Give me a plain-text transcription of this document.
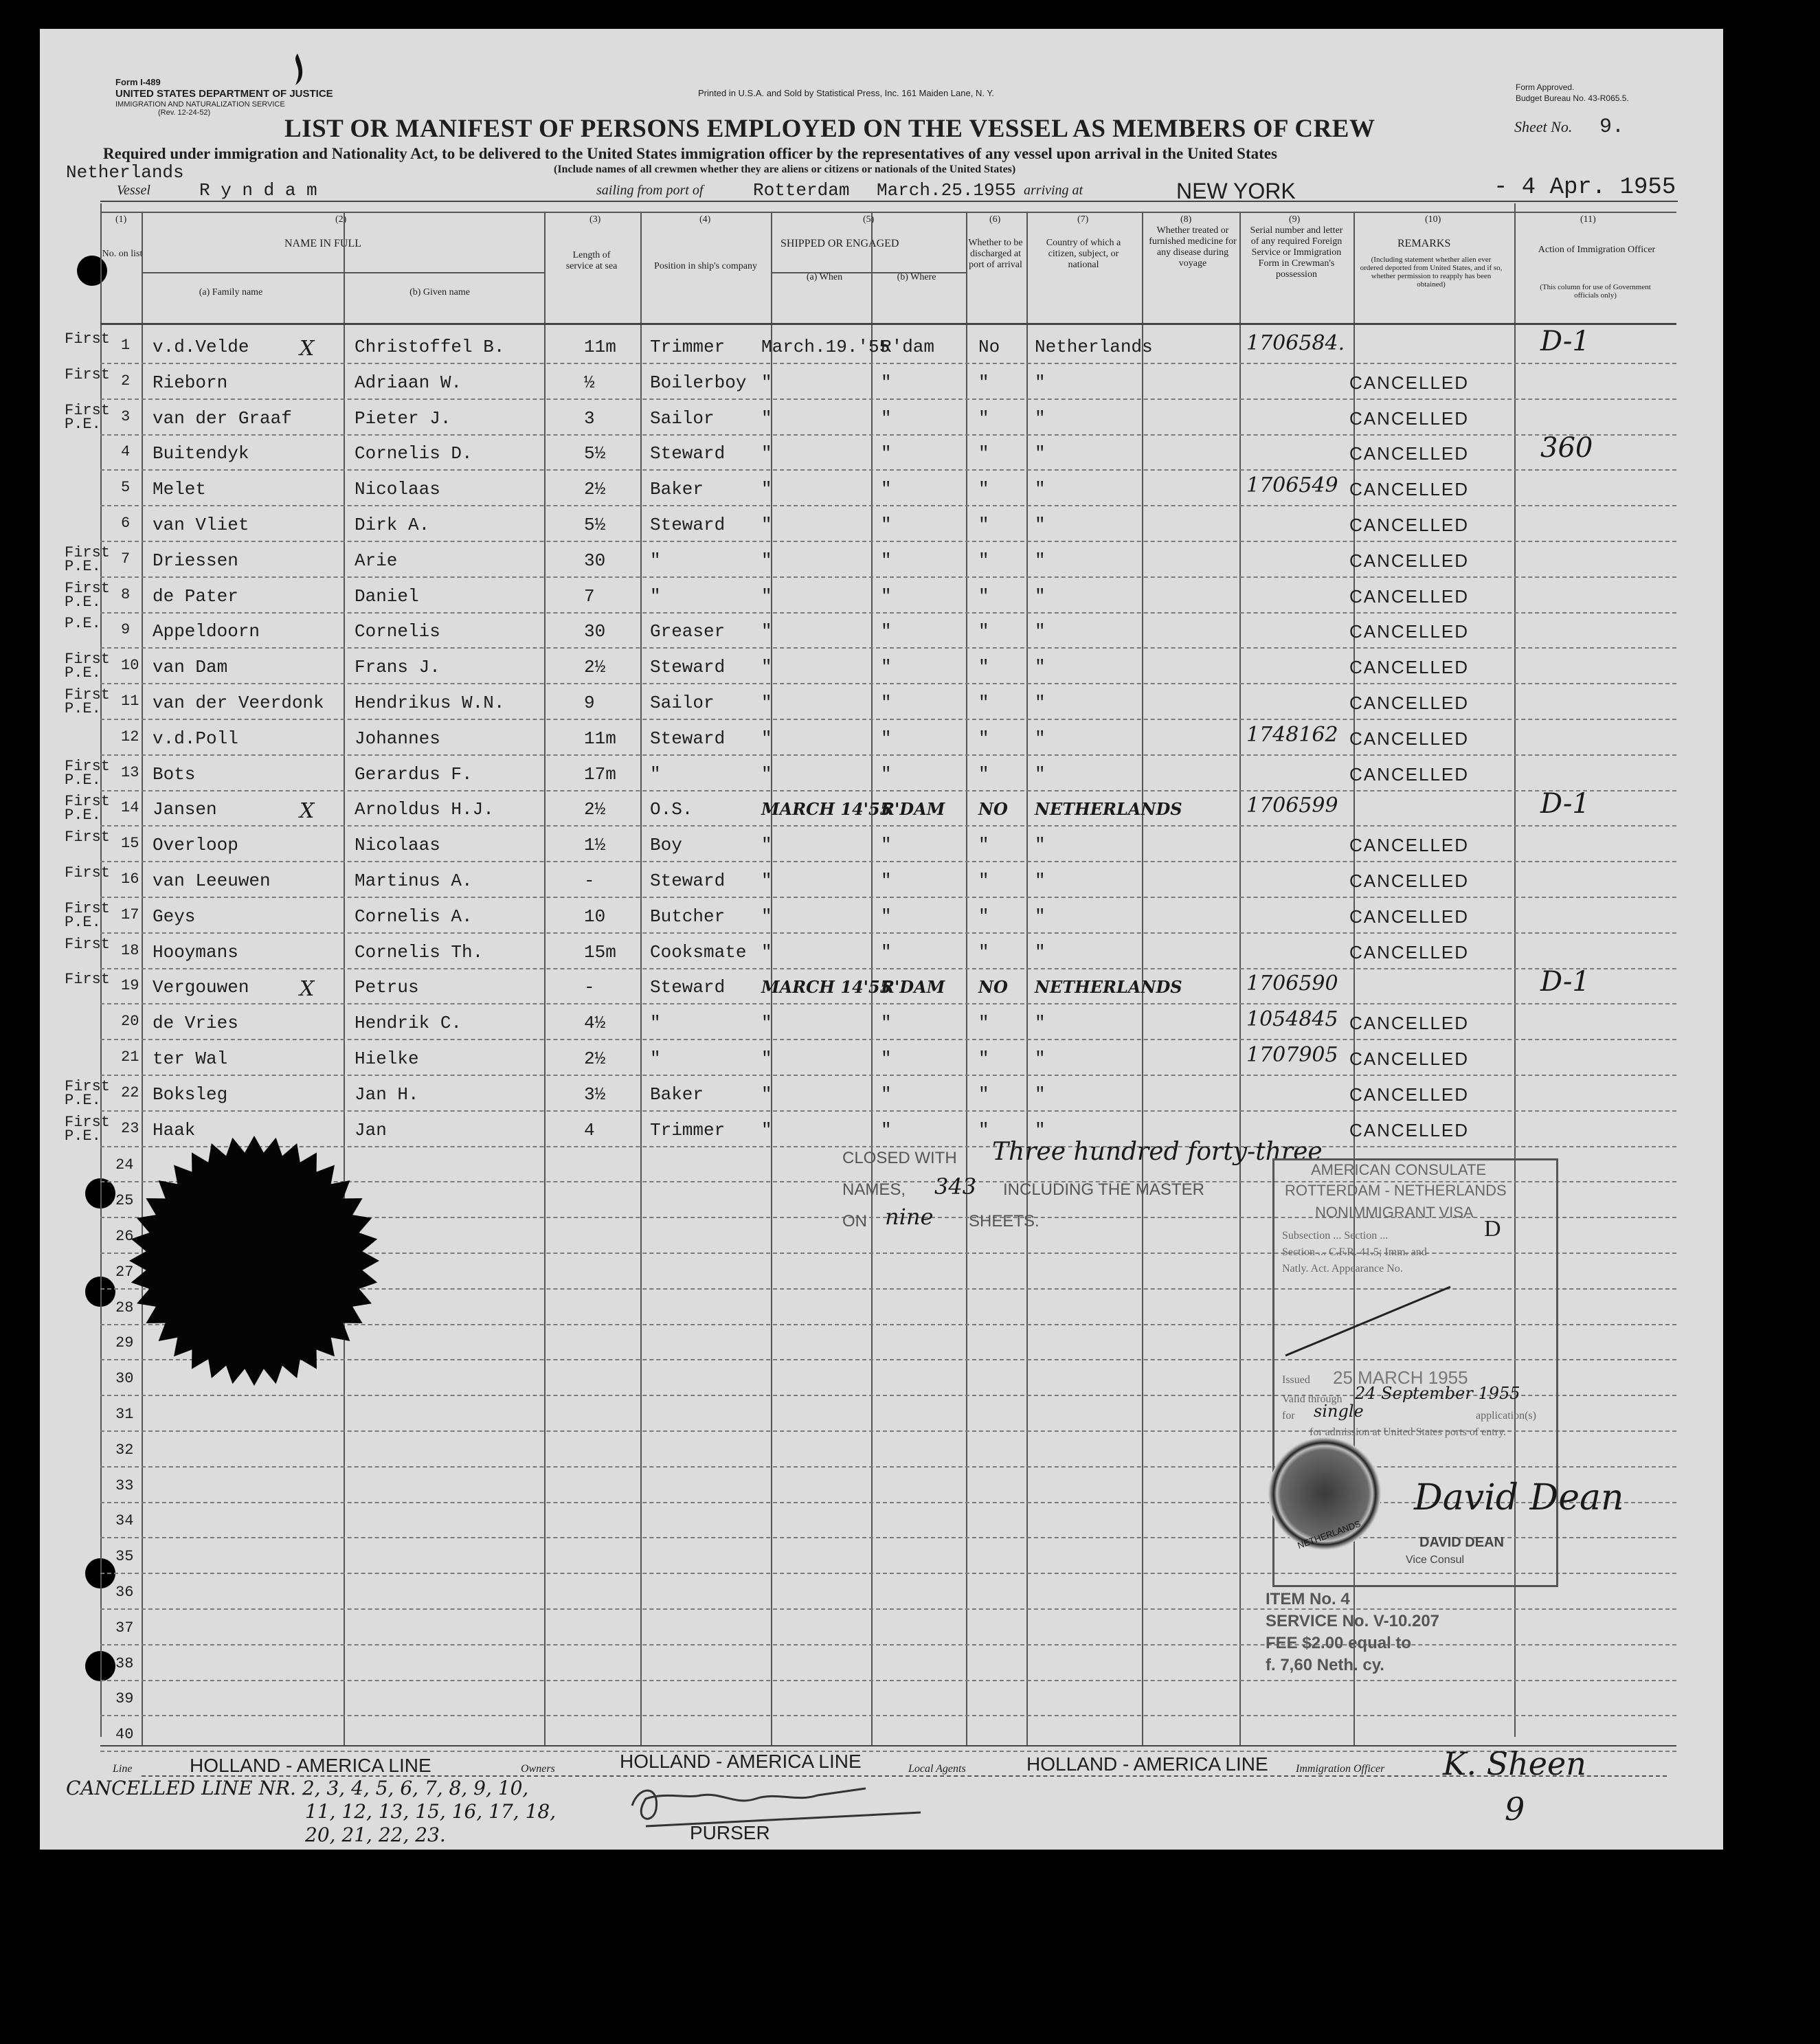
Form I-489
UNITED STATES DEPARTMENT OF JUSTICE
IMMIGRATION AND NATURALIZATION SERVICE
(Rev. 12-24-52)
Printed in U.S.A. and Sold by Statistical Press, Inc. 161 Maiden Lane, N. Y.
Form Approved.
Budget Bureau No. 43-R065.5.
LIST OR MANIFEST OF PERSONS EMPLOYED ON THE VESSEL AS MEMBERS OF CREW	Sheet No. 9.
Required under immigration and Nationality Act, to be delivered to the United States immigration officer by the representatives of any vessel upon arrival in the United States
(Include names of all crewmen whether they are aliens or citizens or nationals of the United States)
Netherlands
Vessel	R y n d a m	sailing from port of	Rotterdam March.25.1955 arriving at	NEW YORK	- 4 Apr. 1955
(1)
No. on list
(2)
NAME IN FULL
(a) Family name	(b) Given name
(3)
Length of service at sea
(4)
Position in ship's company
(5)
SHIPPED OR ENGAGED
(a) When	(b) Where
(6)
Whether to be discharged at port of arrival
(7)
Country of which a citizen, subject, or national
(8)
Whether treated or furnished medicine for any disease during voyage
(9)
Serial number and letter of any required Foreign Service or Immigration Form in Crewman's possession
(10)
REMARKS
(Including statement whether alien ever ordered deported from United States, and if so, whether permission to reapply has been obtained)
(11)
Action of Immigration Officer
(This column for use of Government officials only)
First 1 v.d.Velde X Christoffel B.	11m Trimmer March.19.'55
R'dam No Netherlands	1706584.	D-1
First 2 Rieborn	Adriaan W.	½	Boilerboy "	"	"	"	CANCELLED
First P.E.	3 van der Graaf	Pieter J.	3	Sailor	"	"	"	"	CANCELLED
4 Buitendyk	Cornelis D.	5½ Steward "	"	"	"	CANCELLED	360
5 Melet	Nicolaas	2½ Baker	"	"	"	"	1706549 CANCELLED
6 van Vliet	Dirk A.	5½ Steward "	"	"	"	CANCELLED
First P.E.	7 Driessen	Arie	30 "	"	"	"	"	CANCELLED
First P.E.	8 de Pater	Daniel	7	"	"	"	"	"	CANCELLED
P.E.	9 Appeldoorn	Cornelis	30 Greaser "	"	"	"	CANCELLED
First P.E.	10 van Dam	Frans J.	2½ Steward "	"	"	"	CANCELLED
First P.E.	11 van der Veerdonk Hendrikus W.N.	9	Sailor	"	"	"	"	CANCELLED
12 v.d.Poll	Johannes	11m Steward "	"	"	"	1748162 CANCELLED
First P.E.	13 Bots	Gerardus F.	17m "	"	"	"	"	CANCELLED
First P.E.	14 Jansen	X Arnoldus H.J.	2½ O.S.	MARCH 14'55
R'DAM NO NETHERLANDS	1706599	D-1
First 15 Overloop	Nicolaas	1½ Boy	"	"	"	"	CANCELLED
First 16 van Leeuwen	Martinus A.	-	Steward "	"	"	"	CANCELLED
First P.E.	17 Geys	Cornelis A.	10 Butcher "	"	"	"	CANCELLED
First 18 Hooymans	Cornelis Th.	15m Cooksmate "	"	"	"	CANCELLED
First 19 Vergouwen X Petrus	-	Steward MARCH 14'55
R'DAM NO NETHERLANDS	1706590	D-1
20 de Vries	Hendrik C.	4½ "	"	"	"	"	1054845 CANCELLED
21 ter Wal	Hielke	2½ "	"	"	"	"	1707905 CANCELLED
First P.E.	22 Boksleg	Jan H.	3½ Baker	"	"	"	"	CANCELLED
First P.E.	23 Haak	Jan	4	Trimmer "	"	"	"	CANCELLED
24
25
26
27
28
29
30
31
32
33
34
35
36
37
38
39
40
CLOSED WITH Three hundred forty-three
NAMES, 343 INCLUDING THE MASTER
ON nine SHEETS.
AMERICAN CONSULATE
ROTTERDAM - NETHERLANDS
NONIMMIGRANT VISA
D
Subsection ... Section ...
Section ... C.F.R. 41.5; Imm. and
Natly. Act. Appearance No.
Issued 25 MARCH 1955
Valid through 24 September 1955
for single	application(s)
for admission at United States ports of entry.
NETHERLANDS
David Dean
DAVID DEAN
Vice Consul
ITEM No. 4
SERVICE No. V-10.207
FEE $2.00 equal to
f. 7,60 Neth. cy.
Line	HOLLAND - AMERICA LINE	Owners	HOLLAND - AMERICA LINE	Local Agents	HOLLAND - AMERICA LINE	Immigration Officer K. Sheen
CANCELLED LINE NR. 2, 3, 4, 5, 6, 7, 8, 9, 10,
11, 12, 13, 15, 16, 17, 18,
20, 21, 22, 23.	PURSER
9
